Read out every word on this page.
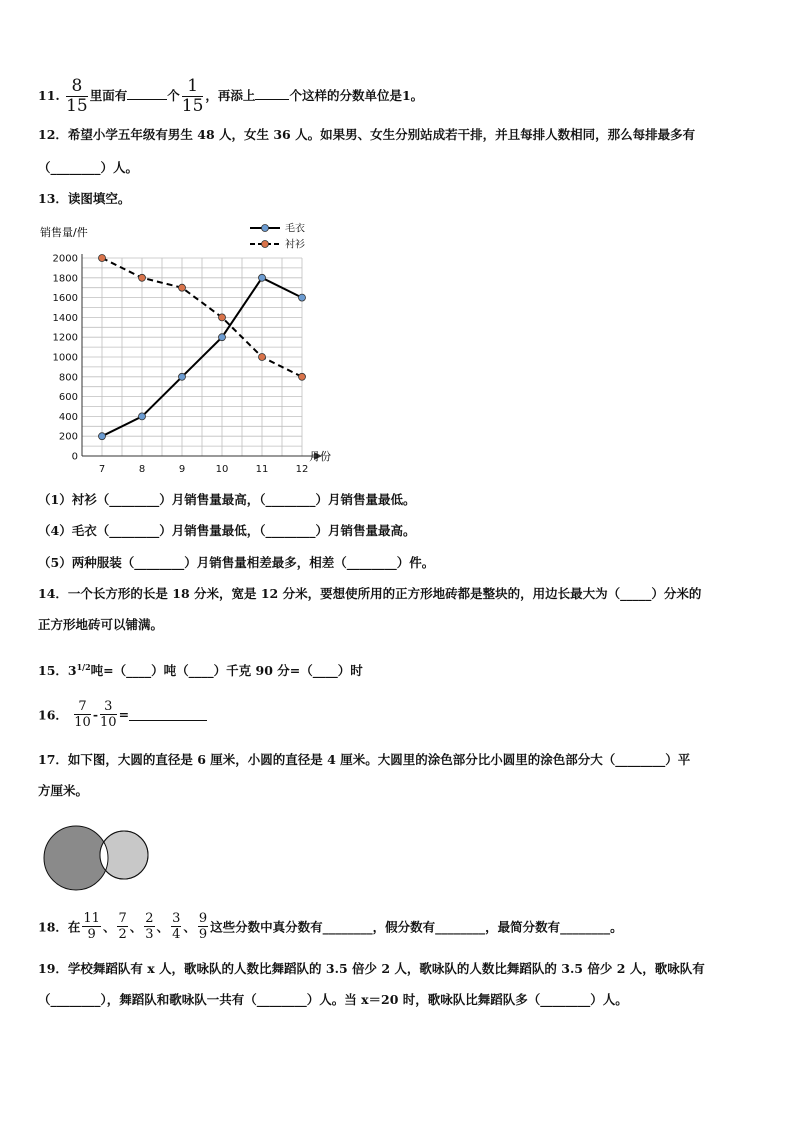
11. $\frac{8}{15}$ 里面有	个 $\frac{1}{15}$ ，再添上	个这样的分数单位是1。
12．希望小学五年级有男生 48 人，女生 36 人。如果男、女生分别站成若干排，并且每排人数相同，那么每排最多有
（________）人。
13．读图填空。
0
200
400
600
800
1000
1200
1400
1600
1800
2000
7	8	9	10	11	12
毛衣
衬衫
销售量/件
月份
（1）衬衫（________）月销售量最高，（________）月销售量最低。
（4）毛衣（________）月销售量最低，（________）月销售量最高。
（5）两种服装（________）月销售量相差最多，相差（________）件。
14．一个长方形的长是 18 分米，宽是 12 分米，要想使所用的正方形地砖都是整块的，用边长最大为（_____）分米的
正方形地砖可以铺满。
15．$3^{1/2}$吨=（____）吨（____）千克 90 分=（____）时
16． $\frac{7}{10} - \frac{3}{10}$ =
17．如下图，大圆的直径是 6 厘米，小圆的直径是 4 厘米。大圆里的涂色部分比小圆里的涂色部分大（________）平
方厘米。
18．在 $\frac{11}{9}$ 、 $\frac{7}{2}$ 、 $\frac{2}{3}$ 、 $\frac{3}{4}$ 、 $\frac{9}{9}$ 这些分数中真分数有________，假分数有________，最简分数有________。
19．学校舞蹈队有 x 人，歌咏队的人数比舞蹈队的 3.5 倍少 2 人，歌咏队的人数比舞蹈队的 3.5 倍少 2 人，歌咏队有
（________），舞蹈队和歌咏队一共有（________）人。当 x＝20 时，歌咏队比舞蹈队多（________）人。
